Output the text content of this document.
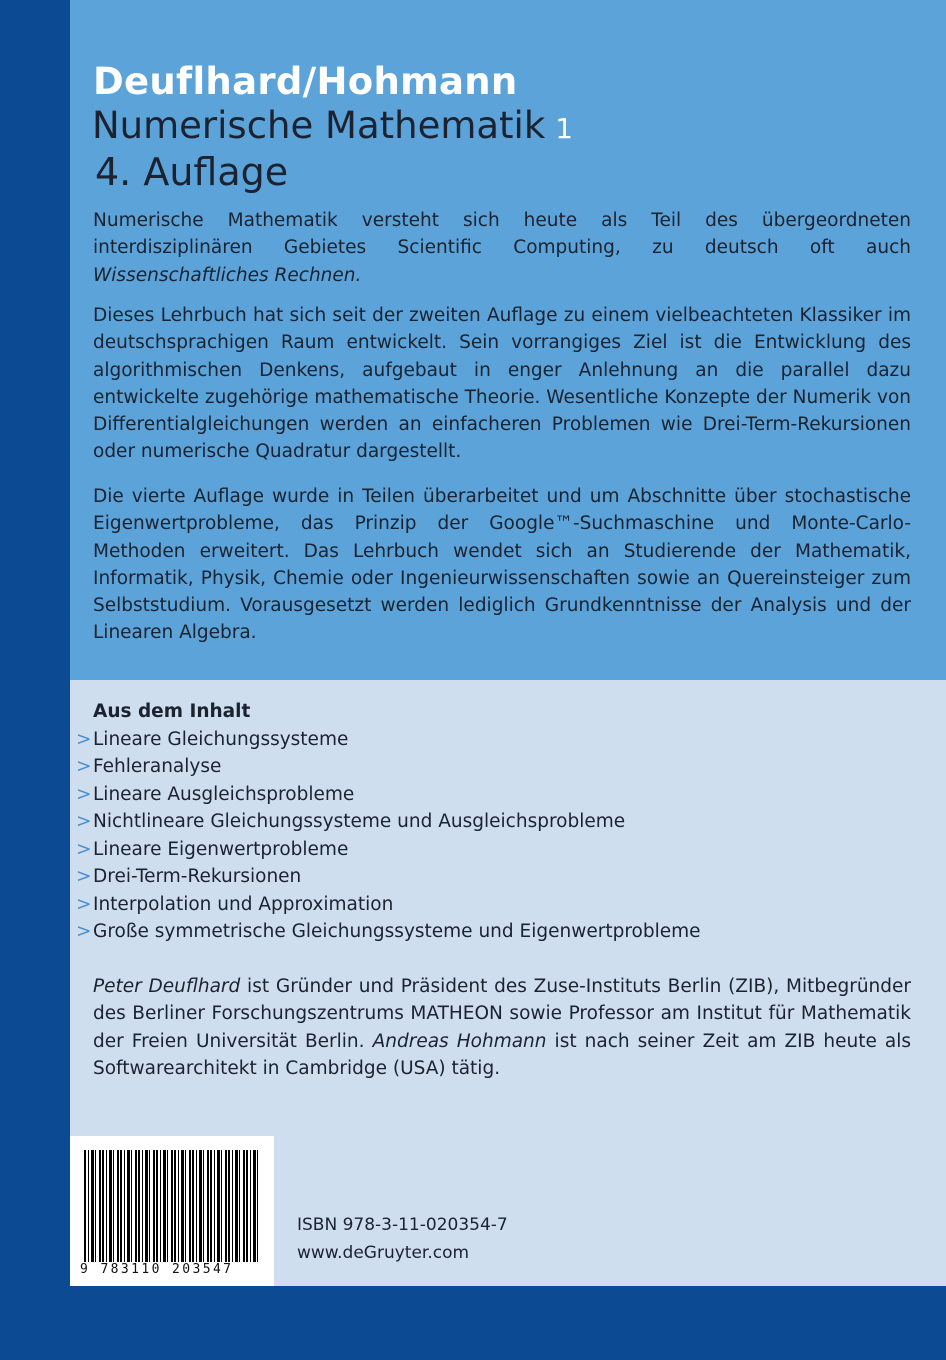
Deuflhard/Hohmann
Numerische Mathematik 1
4. Auflage

Numerische Mathematik versteht sich heute als Teil des übergeordneten interdisziplinären Gebietes Scientific Computing, zu deutsch oft auch Wissenschaftliches Rechnen.

Dieses Lehrbuch hat sich seit der zweiten Auflage zu einem vielbeachteten Klassiker im deutschsprachigen Raum entwickelt. Sein vorrangiges Ziel ist die Entwicklung des algorithmischen Denkens, aufgebaut in enger Anlehnung an die parallel dazu entwickelte zugehörige mathematische Theorie. Wesentliche Konzepte der Numerik von Differentialgleichungen werden an einfacheren Problemen wie Drei-Term-Rekursionen oder numerische Quadratur dargestellt.

Die vierte Auflage wurde in Teilen überarbeitet und um Abschnitte über stochastische Eigenwertprobleme, das Prinzip der Google™-Suchmaschine und Monte-Carlo-Methoden erweitert. Das Lehrbuch wendet sich an Studierende der Mathematik, Informatik, Physik, Chemie oder Ingenieurwissenschaften sowie an Quereinsteiger zum Selbststudium. Vorausgesetzt werden lediglich Grundkenntnisse der Analysis und der Linearen Algebra.

Aus dem Inhalt
>Lineare Gleichungssysteme
>Fehleranalyse
>Lineare Ausgleichsprobleme
>Nichtlineare Gleichungssysteme und Ausgleichsprobleme
>Lineare Eigenwertprobleme
>Drei-Term-Rekursionen
>Interpolation und Approximation
>Große symmetrische Gleichungssysteme und Eigenwertprobleme

Peter Deuflhard ist Gründer und Präsident des Zuse-Instituts Berlin (ZIB), Mitbegründer des Berliner Forschungszentrums MATHEON sowie Professor am Institut für Mathematik der Freien Universität Berlin. Andreas Hohmann ist nach seiner Zeit am ZIB heute als Softwarearchitekt in Cambridge (USA) tätig.

9 783110 203547
ISBN 978-3-11-020354-7
www.deGruyter.com
